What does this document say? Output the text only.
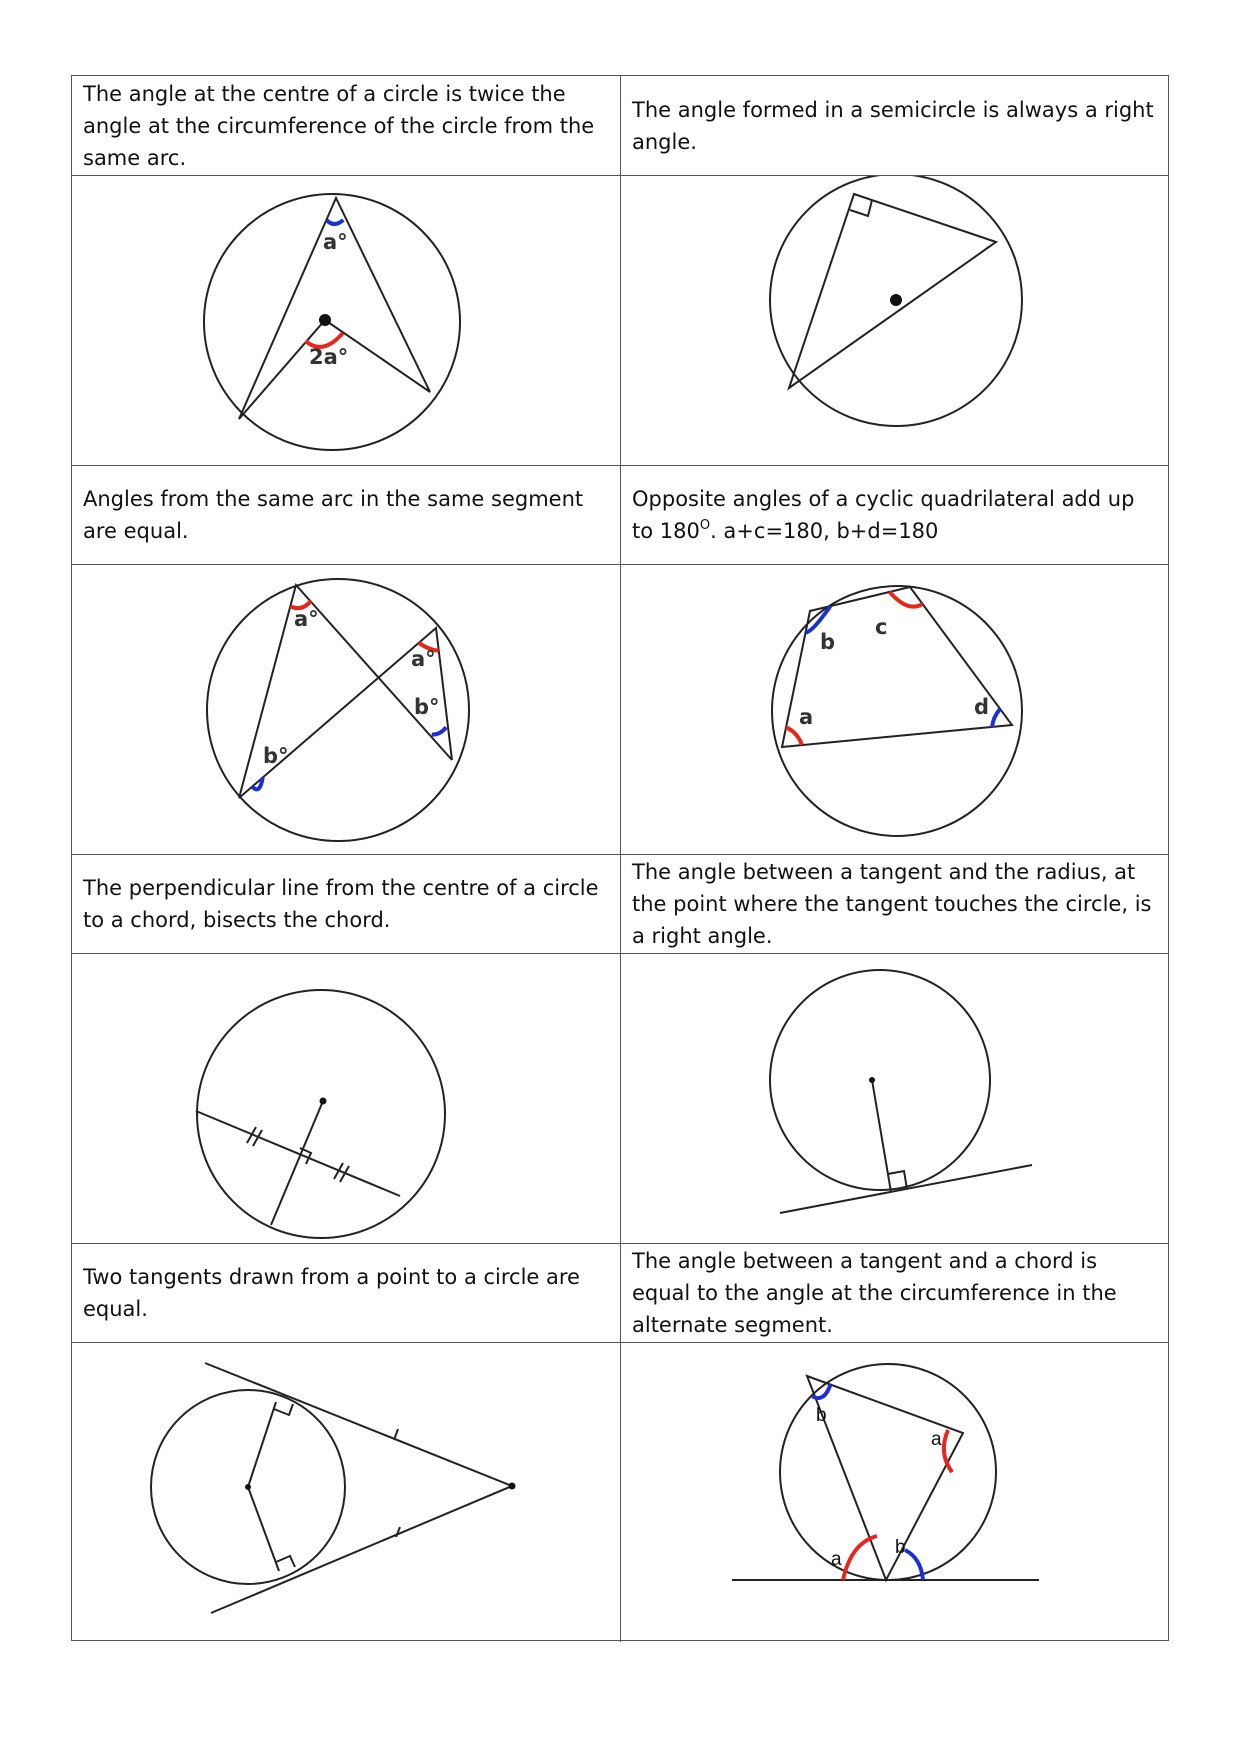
The angle at the centre of a circle is twice the angle at the circumference of the circle from the same arc.
The angle formed in a semicircle is always a right angle.
a°
2a°
Angles from the same arc in the same segment are equal.
Opposite angles of a cyclic quadrilateral add up to $180^O$. a+c=180, b+d=180
a°
a°
b°
b°	a
b
c
d
The perpendicular line from the centre of a circle to a chord, bisects the chord.
The angle between a tangent and the radius, at the point where the tangent touches the circle, is a right angle.
Two tangents drawn from a point to a circle are equal.
The angle between a tangent and a chord is equal to the angle at the circumference in the alternate segment.
b
a
a
b
